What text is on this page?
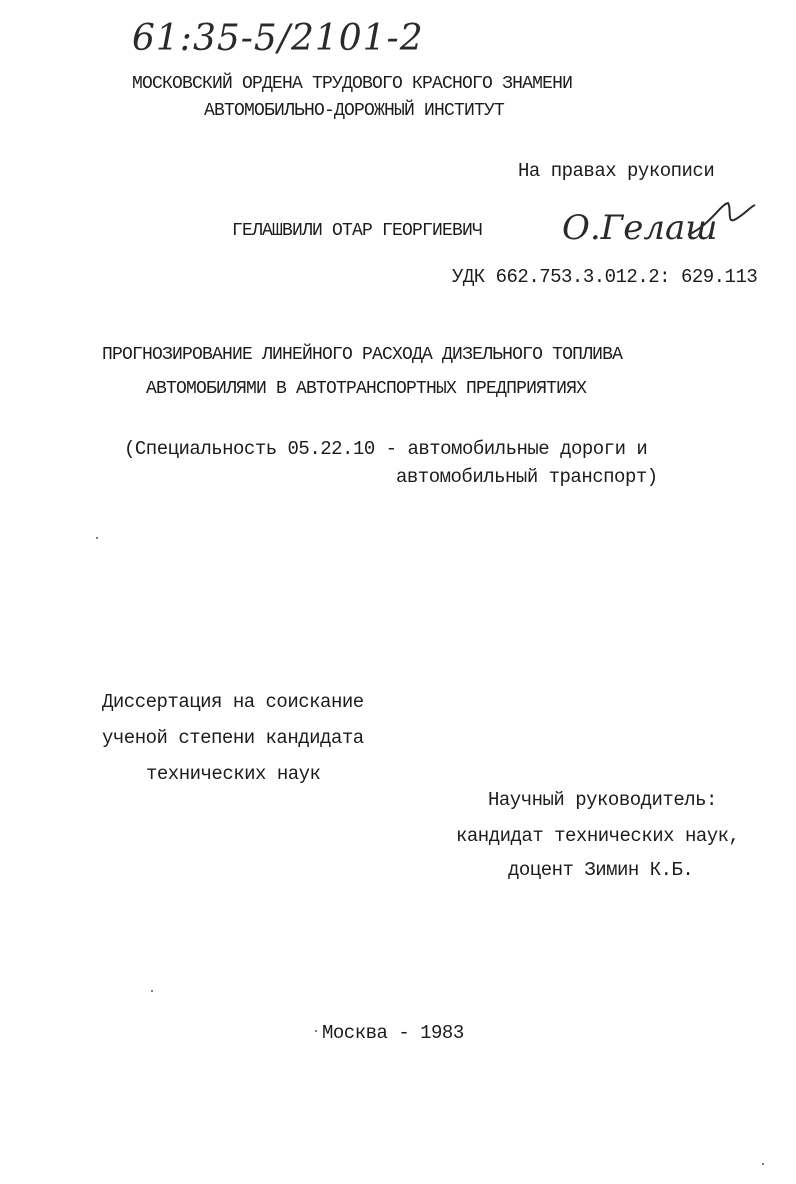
61:35-5/2101-2
МОСКОВСКИЙ ОРДЕНА ТРУДОВОГО КРАСНОГО ЗНАМЕНИ
АВТОМОБИЛЬНО-ДОРОЖНЫЙ ИНСТИТУТ
На правах рукописи
ГЕЛАШВИЛИ ОТАР ГЕОРГИЕВИЧ О.Гелаш
УДК 662.753.3.012.2: 629.113
ПРОГНОЗИРОВАНИЕ ЛИНЕЙНОГО РАСХОДА ДИЗЕЛЬНОГО ТОПЛИВА
АВТОМОБИЛЯМИ В АВТОТРАНСПОРТНЫХ ПРЕДПРИЯТИЯХ
(Специальность 05.22.10 - автомобильные дороги и
автомобильный транспорт)
Диссертация на соискание
ученой степени кандидата
технических наук
Научный руководитель:
кандидат технических наук,
доцент Зимин К.Б.
Москва - 1983
